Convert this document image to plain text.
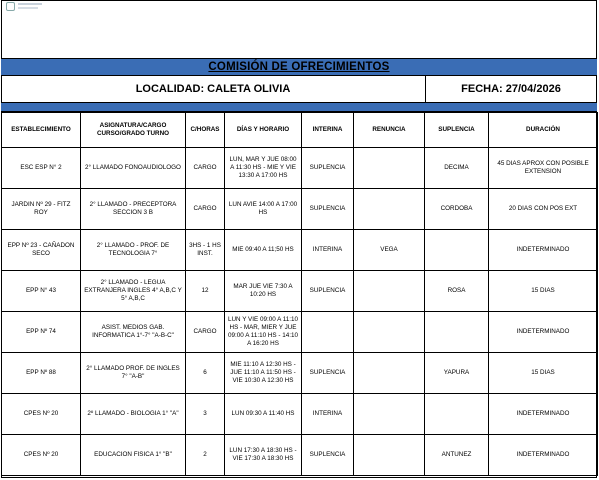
COMISIÓN DE OFRECIMIENTOS
LOCALIDAD: CALETA OLIVIA	FECHA: 27/04/2026
ESTABLECIMIENTO	ASIGNATURA/CARGO CURSO/GRADO TURNO	C/HORAS	DÍAS Y HORARIO	INTERINA	RENUNCIA	SUPLENCIA	DURACIÓN
ESC ESP N° 2	2° LLAMADO FONOAUDIOLOGO	CARGO	LUN, MAR Y JUE 08:00 A 11:30 HS - MIE Y VIE 13:30 A 17:00 HS	SUPLENCIA		DECIMA	45 DIAS APROX CON POSIBLE EXTENSION
JARDIN Nº 29 - FITZ ROY	2° LLAMADO - PRECEPTORA SECCION 3 B	CARGO	LUN AVIE 14:00 A 17:00 HS	SUPLENCIA		CORDOBA	20 DIAS CON POS EXT
EPP Nº 23 - CAÑADON SECO	2° LLAMADO - PROF. DE TECNOLOGIA 7°	3HS - 1 HS INST.	MIE 09:40 A 11;50 HS	INTERINA	VEGA		INDETERMINADO
EPP N° 43	2° LLAMADO - LEGUA EXTRANJERA INGLES 4° A,B,C Y 5° A,B,C	12	MAR JUE VIE 7:30 A 10:20 HS	SUPLENCIA		ROSA	15 DIAS
EPP Nº 74	ASIST. MEDIOS GAB. INFORMATICA 1°-7° "A-B-C"	CARGO	LUN Y VIE 09:00 A 11:10 HS - MAR, MIER Y JUE 09:00 A 11:10 HS - 14:10 A 16:20 HS				INDETERMINADO
EPP Nº 88	2° LLAMADO PROF. DE INGLES 7° "A-B"	6	MIE 11:10 A 12:30 HS - JUE 11:10 A 11:50 HS - VIE 10:30 A 12:30 HS	SUPLENCIA		YAPURA	15 DIAS
CPES Nº 20	2º LLAMADO - BIOLOGIA 1° "A"	3	LUN 09:30 A 11:40 HS	INTERINA			INDETERMINADO
CPES Nº 20	EDUCACION FISICA 1° "B"	2	LUN 17:30 A 18:30 HS - VIE 17:30 A 18:30 HS	SUPLENCIA		ANTUNEZ	INDETERMINADO
